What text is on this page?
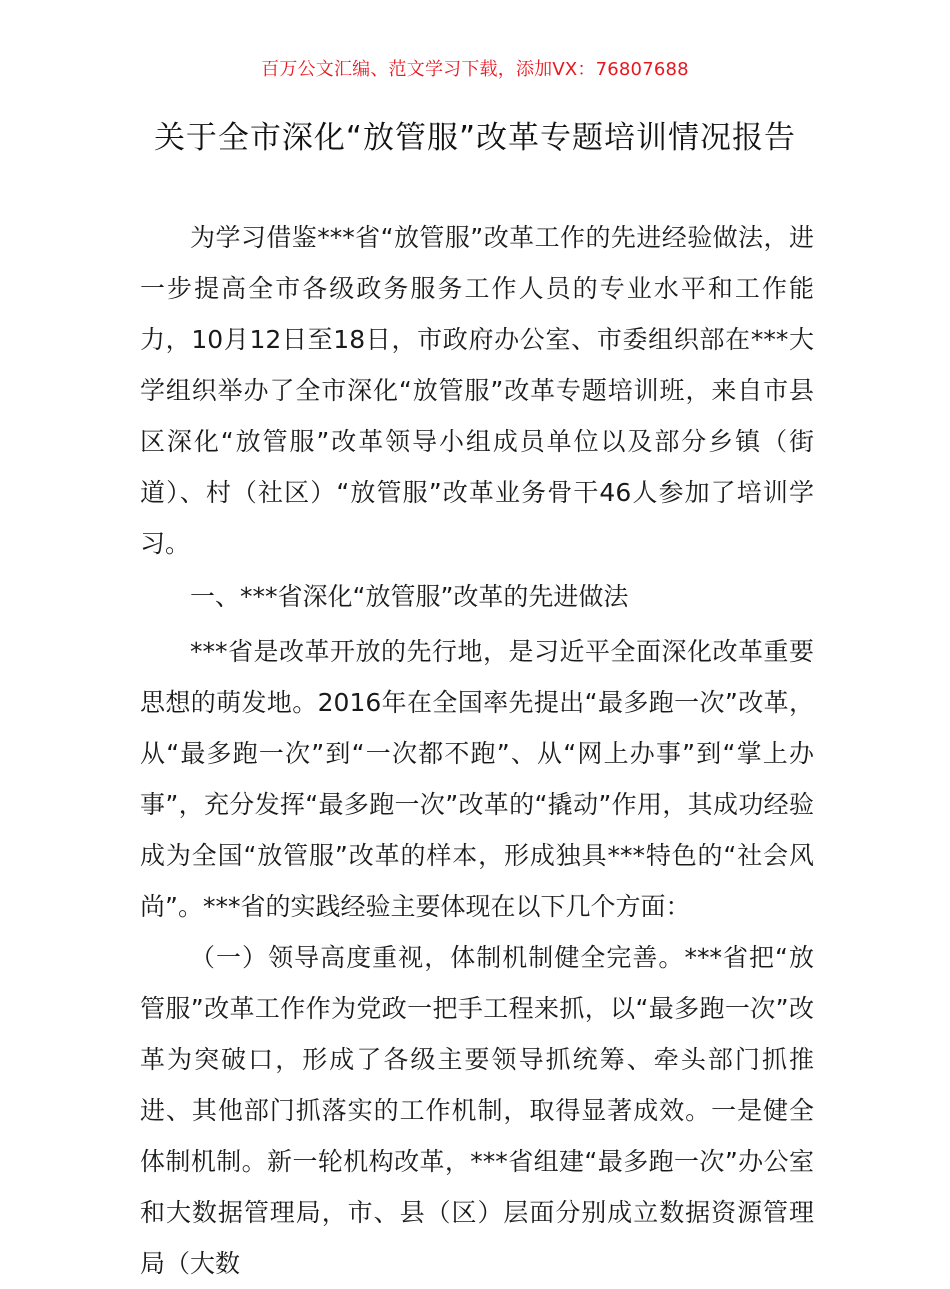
百万公文汇编、范文学习下载，添加VX：76807688
关于全市深化“放管服”改革专题培训情况报告

为学习借鉴***省“放管服”改革工作的先进经验做法，进一步提高全市各级政务服务工作人员的专业水平和工作能力，10月12日至18日，市政府办公室、市委组织部在***大学组织举办了全市深化“放管服”改革专题培训班，来自市县区深化“放管服”改革领导小组成员单位以及部分乡镇（街道）、村（社区）“放管服”改革业务骨干46人参加了培训学习。

一、***省深化“放管服”改革的先进做法

***省是改革开放的先行地，是习近平全面深化改革重要思想的萌发地。2016年在全国率先提出“最多跑一次”改革，从“最多跑一次”到“一次都不跑”、从“网上办事”到“掌上办事”，充分发挥“最多跑一次”改革的“撬动”作用，其成功经验成为全国“放管服”改革的样本，形成独具***特色的“社会风尚”。***省的实践经验主要体现在以下几个方面：

（一）领导高度重视，体制机制健全完善。***省把“放管服”改革工作作为党政一把手工程来抓，以“最多跑一次”改革为突破口，形成了各级主要领导抓统筹、牵头部门抓推进、其他部门抓落实的工作机制，取得显著成效。一是健全体制机制。新一轮机构改革，***省组建“最多跑一次”办公室和大数据管理局，市、县（区）层面分别成立数据资源管理局（大数
